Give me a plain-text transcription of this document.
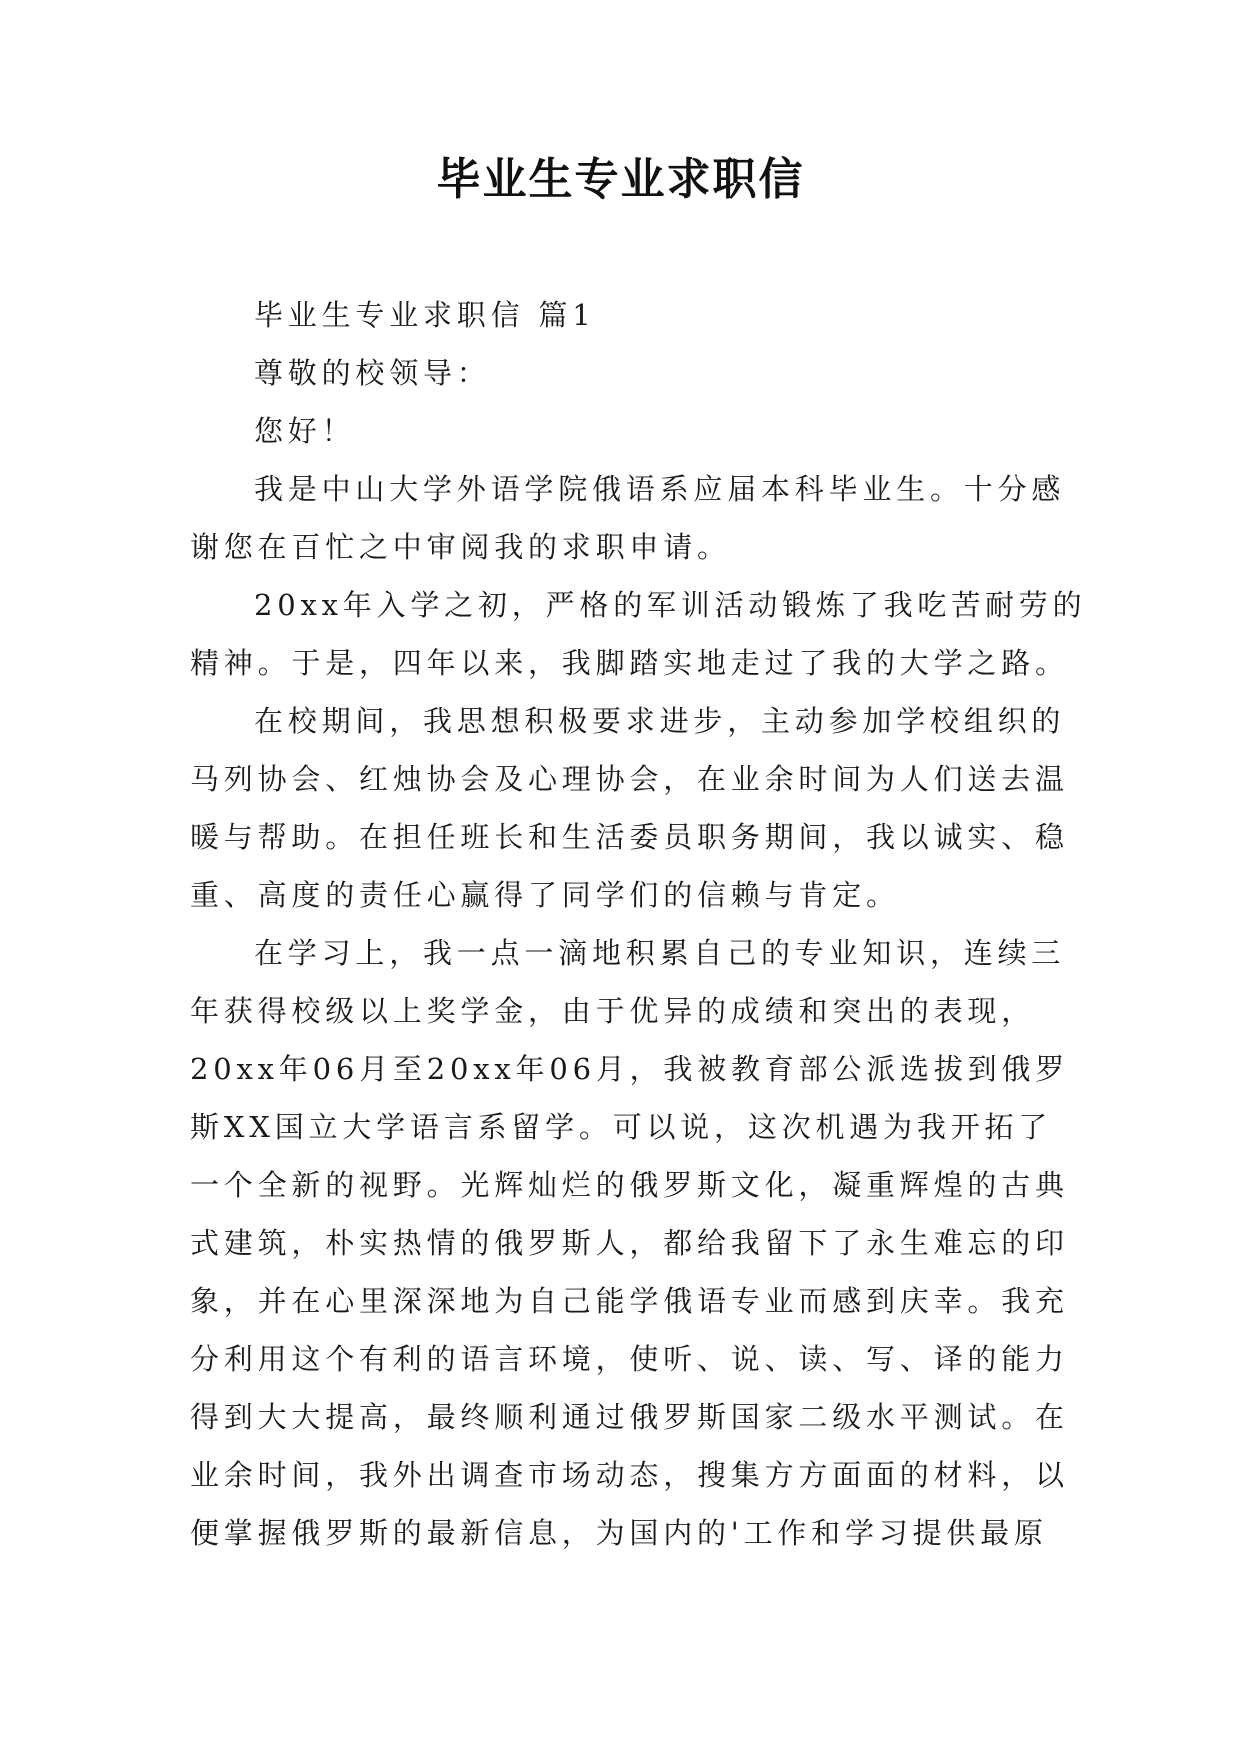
毕业生专业求职信
毕业生专业求职信 篇1
尊敬的校领导：
您好！
我是中山大学外语学院俄语系应届本科毕业生。十分感
谢您在百忙之中审阅我的求职申请。
20xx年入学之初，严格的军训活动锻炼了我吃苦耐劳的
精神。于是，四年以来，我脚踏实地走过了我的大学之路。
在校期间，我思想积极要求进步，主动参加学校组织的
马列协会、红烛协会及心理协会，在业余时间为人们送去温
暖与帮助。在担任班长和生活委员职务期间，我以诚实、稳
重、高度的责任心赢得了同学们的信赖与肯定。
在学习上，我一点一滴地积累自己的专业知识，连续三
年获得校级以上奖学金，由于优异的成绩和突出的表现，
20xx年06月至20xx年06月，我被教育部公派选拔到俄罗
斯XX国立大学语言系留学。可以说，这次机遇为我开拓了
一个全新的视野。光辉灿烂的俄罗斯文化，凝重辉煌的古典
式建筑，朴实热情的俄罗斯人，都给我留下了永生难忘的印
象，并在心里深深地为自己能学俄语专业而感到庆幸。我充
分利用这个有利的语言环境，使听、说、读、写、译的能力
得到大大提高，最终顺利通过俄罗斯国家二级水平测试。在
业余时间，我外出调查市场动态，搜集方方面面的材料，以
便掌握俄罗斯的最新信息，为国内的'工作和学习提供最原
